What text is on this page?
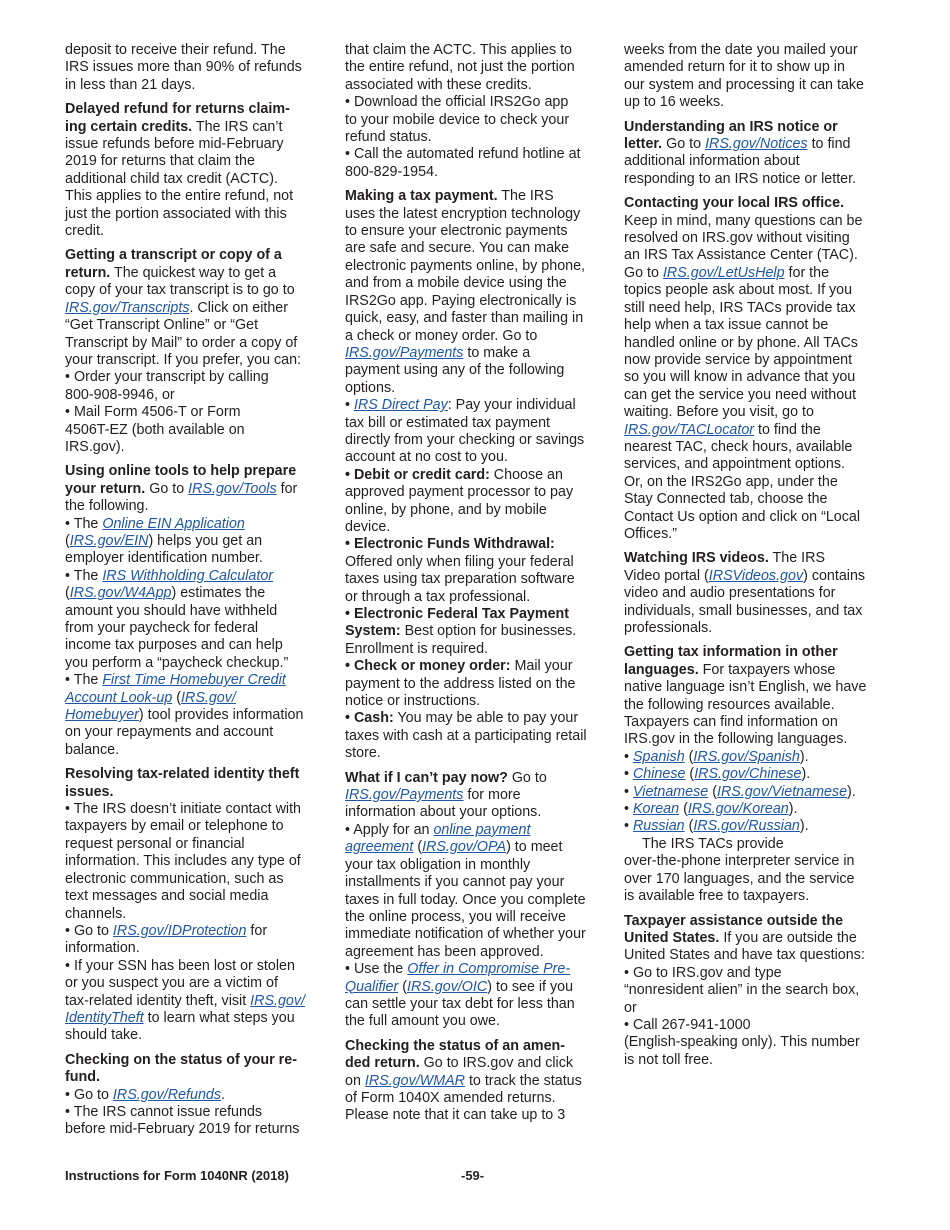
deposit to receive their refund. The
IRS issues more than 90% of refunds
in less than 21 days.

Delayed refund for returns claim-
ing certain credits. The IRS can’t
issue refunds before mid-February
2019 for returns that claim the
additional child tax credit (ACTC).
This applies to the entire refund, not
just the portion associated with this
credit.

Getting a transcript or copy of a
return. The quickest way to get a
copy of your tax transcript is to go to
IRS.gov/Transcripts. Click on either
“Get Transcript Online” or “Get
Transcript by Mail” to order a copy of
your transcript. If you prefer, you can:
• Order your transcript by calling
800-908-9946, or
• Mail Form 4506-T or Form
4506T-EZ (both available on
IRS.gov).

Using online tools to help prepare
your return. Go to IRS.gov/Tools for
the following.
• The Online EIN Application
(IRS.gov/EIN) helps you get an
employer identification number.
• The IRS Withholding Calculator
(IRS.gov/W4App) estimates the
amount you should have withheld
from your paycheck for federal
income tax purposes and can help
you perform a “paycheck checkup.”
• The First Time Homebuyer Credit
Account Look-up (IRS.gov/
Homebuyer) tool provides information
on your repayments and account
balance.

Resolving tax-related identity theft
issues.
• The IRS doesn’t initiate contact with
taxpayers by email or telephone to
request personal or financial
information. This includes any type of
electronic communication, such as
text messages and social media
channels.
• Go to IRS.gov/IDProtection for
information.
• If your SSN has been lost or stolen
or you suspect you are a victim of
tax-related identity theft, visit IRS.gov/
IdentityTheft to learn what steps you
should take.

Checking on the status of your re-
fund.
• Go to IRS.gov/Refunds.
• The IRS cannot issue refunds
before mid-February 2019 for returns

that claim the ACTC. This applies to
the entire refund, not just the portion
associated with these credits.
• Download the official IRS2Go app
to your mobile device to check your
refund status.
• Call the automated refund hotline at
800-829-1954.

Making a tax payment. The IRS
uses the latest encryption technology
to ensure your electronic payments
are safe and secure. You can make
electronic payments online, by phone,
and from a mobile device using the
IRS2Go app. Paying electronically is
quick, easy, and faster than mailing in
a check or money order. Go to
IRS.gov/Payments to make a
payment using any of the following
options.
• IRS Direct Pay: Pay your individual
tax bill or estimated tax payment
directly from your checking or savings
account at no cost to you.
• Debit or credit card: Choose an
approved payment processor to pay
online, by phone, and by mobile
device.
• Electronic Funds Withdrawal:
Offered only when filing your federal
taxes using tax preparation software
or through a tax professional.
• Electronic Federal Tax Payment
System: Best option for businesses.
Enrollment is required.
• Check or money order: Mail your
payment to the address listed on the
notice or instructions.
• Cash: You may be able to pay your
taxes with cash at a participating retail
store.

What if I can’t pay now? Go to
IRS.gov/Payments for more
information about your options.
• Apply for an online payment
agreement (IRS.gov/OPA) to meet
your tax obligation in monthly
installments if you cannot pay your
taxes in full today. Once you complete
the online process, you will receive
immediate notification of whether your
agreement has been approved.
• Use the Offer in Compromise Pre-
Qualifier (IRS.gov/OIC) to see if you
can settle your tax debt for less than
the full amount you owe.

Checking the status of an amen-
ded return. Go to IRS.gov and click
on IRS.gov/WMAR to track the status
of Form 1040X amended returns.
Please note that it can take up to 3

weeks from the date you mailed your
amended return for it to show up in
our system and processing it can take
up to 16 weeks.

Understanding an IRS notice or
letter. Go to IRS.gov/Notices to find
additional information about
responding to an IRS notice or letter.

Contacting your local IRS office.
Keep in mind, many questions can be
resolved on IRS.gov without visiting
an IRS Tax Assistance Center (TAC).
Go to IRS.gov/LetUsHelp for the
topics people ask about most. If you
still need help, IRS TACs provide tax
help when a tax issue cannot be
handled online or by phone. All TACs
now provide service by appointment
so you will know in advance that you
can get the service you need without
waiting. Before you visit, go to
IRS.gov/TACLocator to find the
nearest TAC, check hours, available
services, and appointment options.
Or, on the IRS2Go app, under the
Stay Connected tab, choose the
Contact Us option and click on “Local
Offices.”

Watching IRS videos. The IRS
Video portal (IRSVideos.gov) contains
video and audio presentations for
individuals, small businesses, and tax
professionals.

Getting tax information in other
languages. For taxpayers whose
native language isn’t English, we have
the following resources available.
Taxpayers can find information on
IRS.gov in the following languages.
• Spanish (IRS.gov/Spanish).
• Chinese (IRS.gov/Chinese).
• Vietnamese (IRS.gov/Vietnamese).
• Korean (IRS.gov/Korean).
• Russian (IRS.gov/Russian).
The IRS TACs provide
over-the-phone interpreter service in
over 170 languages, and the service
is available free to taxpayers.

Taxpayer assistance outside the
United States. If you are outside the
United States and have tax questions:
• Go to IRS.gov and type
“nonresident alien” in the search box,
or
• Call 267-941-1000
(English-speaking only). This number
is not toll free.

Instructions for Form 1040NR (2018)	-59-
